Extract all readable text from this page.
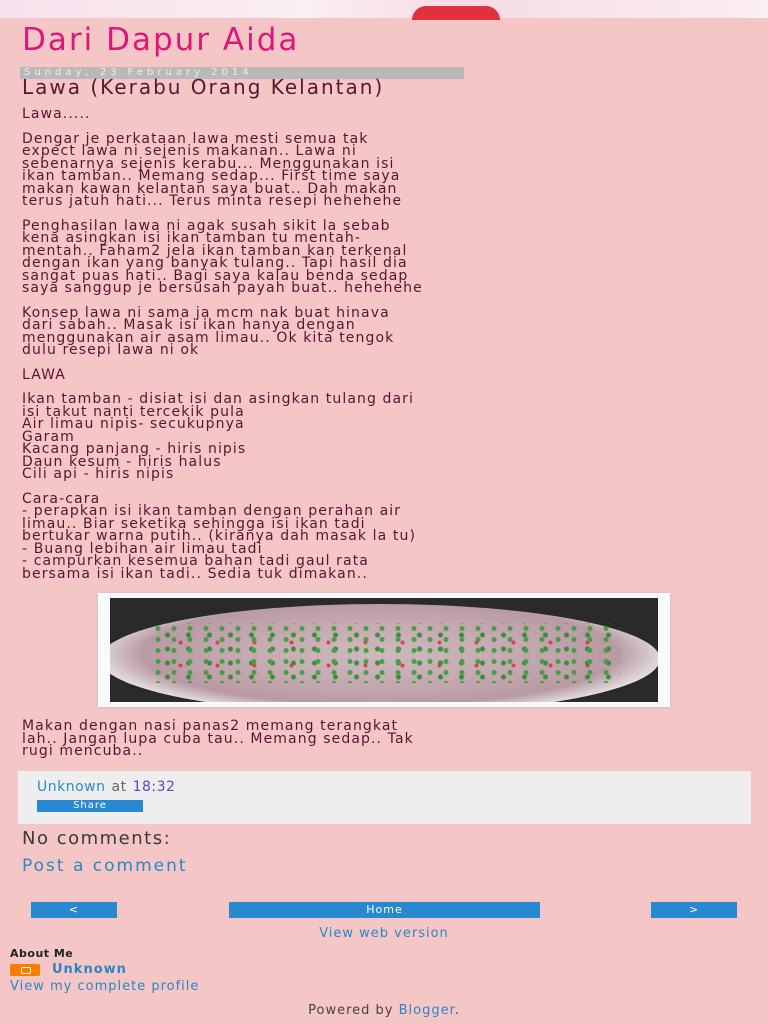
Dari Dapur Aida
Sunday, 23 February 2014
Lawa (Kerabu Orang Kelantan)

Lawa.....

Dengar je perkataan lawa mesti semua tak
expect lawa ni sejenis makanan.. Lawa ni
sebenarnya sejenis kerabu... Menggunakan isi
ikan tamban.. Memang sedap... First time saya
makan kawan kelantan saya buat.. Dah makan
terus jatuh hati... Terus minta resepi hehehehe

Penghasilan lawa ni agak susah sikit la sebab
kena asingkan isi ikan tamban tu mentah-
mentah.. Faham2 jela ikan tamban kan terkenal
dengan ikan yang banyak tulang.. Tapi hasil dia
sangat puas hati.. Bagi saya kalau benda sedap
saya sanggup je bersusah payah buat.. hehehehe

Konsep lawa ni sama ja mcm nak buat hinava
dari sabah.. Masak isi ikan hanya dengan
menggunakan air asam limau.. Ok kita tengok
dulu resepi lawa ni ok

LAWA

Ikan tamban - disiat isi dan asingkan tulang dari
isi takut nanti tercekik pula
Air limau nipis- secukupnya
Garam
Kacang panjang - hiris nipis
Daun kesum - hiris halus
Cili api - hiris nipis

Cara-cara
- perapkan isi ikan tamban dengan perahan air
limau.. Biar seketika sehingga isi ikan tadi
bertukar warna putih.. (kiranya dah masak la tu)
- Buang lebihan air limau tadi
- campurkan kesemua bahan tadi gaul rata
bersama isi ikan tadi.. Sedia tuk dimakan..

Makan dengan nasi panas2 memang terangkat
lah.. Jangan lupa cuba tau.. Memang sedap.. Tak
rugi mencuba..
Unknown at 18:32
Share
No comments:
Post a comment
<	Home	>
View web version
About Me
Unknown
View my complete profile
Powered by Blogger.
